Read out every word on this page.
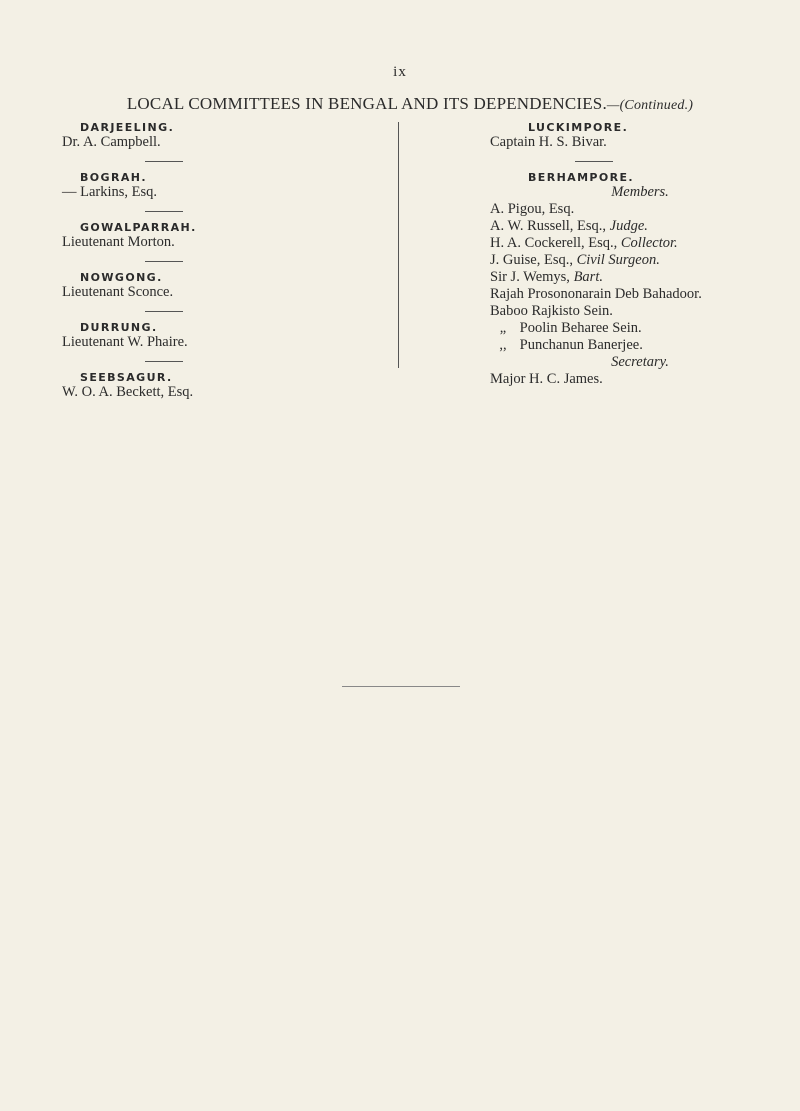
ix
LOCAL COMMITTEES IN BENGAL AND ITS DEPENDENCIES.—(Continued.)
DARJEELING.
Dr. A. Campbell.
BOGRAH.
— Larkins, Esq.
GOWALPARRAH.
Lieutenant Morton.
NOWGONG.
Lieutenant Sconce.
DURRUNG.
Lieutenant W. Phaire.
SEEBSAGUR.
W. O. A. Beckett, Esq.
LUCKIMPORE.
Captain H. S. Bivar.
BERHAMPORE.
Members.
A. Pigou, Esq.
A. W. Russell, Esq., Judge.
H. A. Cockerell, Esq., Collector.
J. Guise, Esq., Civil Surgeon.
Sir J. Wemys, Bart.
Rajah Prosononarain Deb Bahadoor.
Baboo Rajkisto Sein.
„ Poolin Beharee Sein.
,, Punchanun Banerjee.
Secretary.
Major H. C. James.
